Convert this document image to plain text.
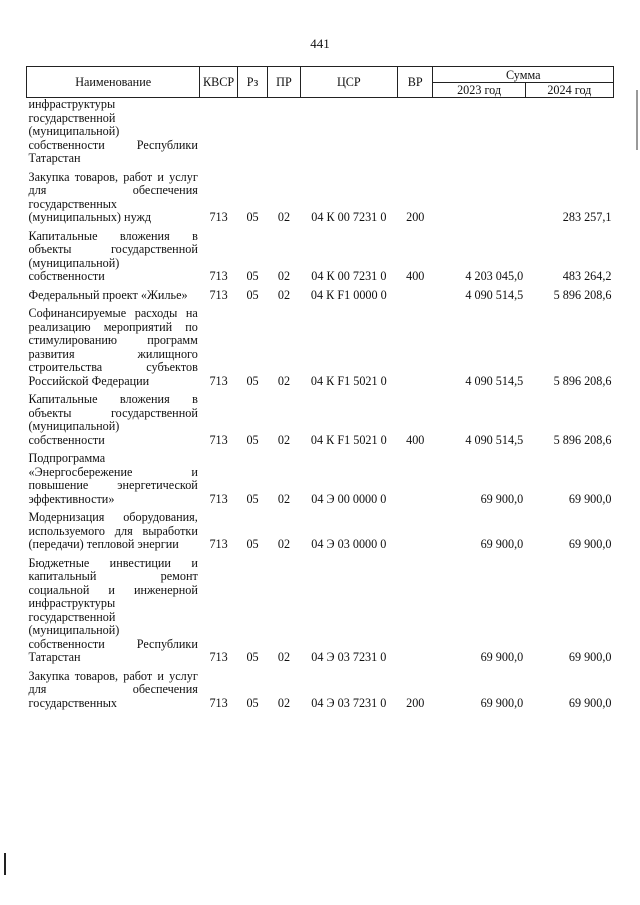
441
Наименование	КВСР	Рз	ПР	ЦСР	ВР	Сумма	
						2023 год	2024 год
инфраструктуры государственной (муниципальной) собственности Республики Татарстан							
Закупка товаров, работ и услуг для обеспечения государственных (муниципальных) нужд	713	05	02	04 К 00 7231 0	200		283 257,1
Капитальные вложения в объекты государственной (муниципальной) собственности	713	05	02	04 К 00 7231 0	400	4 203 045,0	483 264,2
Федеральный проект «Жилье»	713	05	02	04 К F1 0000 0		4 090 514,5	5 896 208,6
Софинансируемые расходы на реализацию мероприятий по стимулированию программ развития жилищного строительства субъектов Российской Федерации	713	05	02	04 К F1 5021 0		4 090 514,5	5 896 208,6
Капитальные вложения в объекты государственной (муниципальной) собственности	713	05	02	04 К F1 5021 0	400	4 090 514,5	5 896 208,6
Подпрограмма «Энергосбережение и повышение энергетической эффективности»	713	05	02	04 Э 00 0000 0		69 900,0	69 900,0
Модернизация оборудования, используемого для выработки (передачи) тепловой энергии	713	05	02	04 Э 03 0000 0		69 900,0	69 900,0
Бюджетные инвестиции и капитальный ремонт социальной и инженерной инфраструктуры государственной (муниципальной) собственности Республики Татарстан	713	05	02	04 Э 03 7231 0		69 900,0	69 900,0
Закупка товаров, работ и услуг для обеспечения государственных	713	05	02	04 Э 03 7231 0	200	69 900,0	69 900,0
